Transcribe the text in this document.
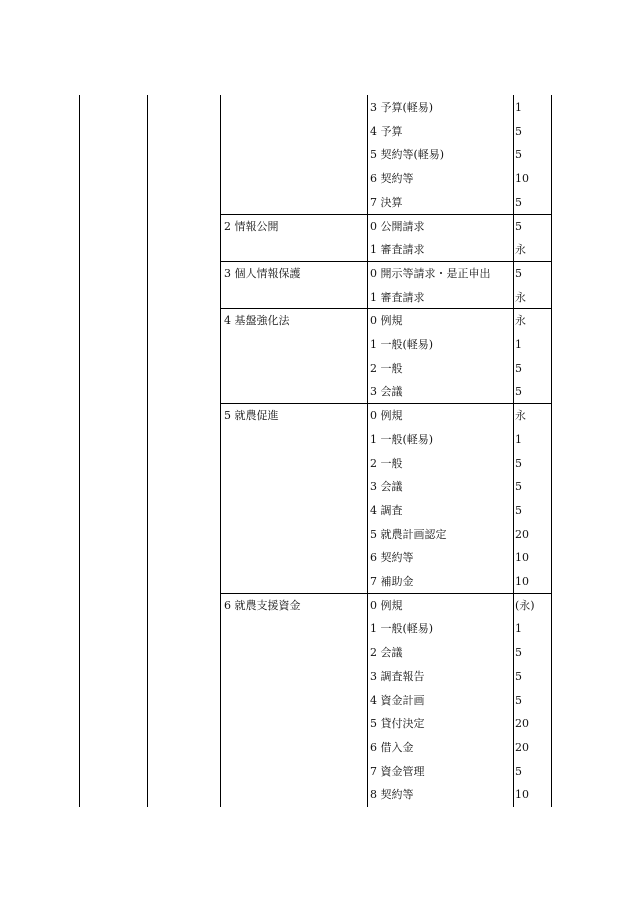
3 予算(軽易)	1
4 予算	5
5 契約等(軽易)	5
6 契約等	10
7 決算	5
2 情報公開	0 公開請求	5
1 審査請求	永
3 個人情報保護	0 開示等請求・是正申出 5
1 審査請求	永
4 基盤強化法	0 例規	永
1 一般(軽易)	1
2 一般	5
3 会議	5
5 就農促進	0 例規	永
1 一般(軽易)	1
2 一般	5
3 会議	5
4 調査	5
5 就農計画認定	20
6 契約等	10
7 補助金	10
6 就農支援資金	0 例規	(永)
1 一般(軽易)	1
2 会議	5
3 調査報告	5
4 資金計画	5
5 貸付決定	20
6 借入金	20
7 資金管理	5
8 契約等	10
